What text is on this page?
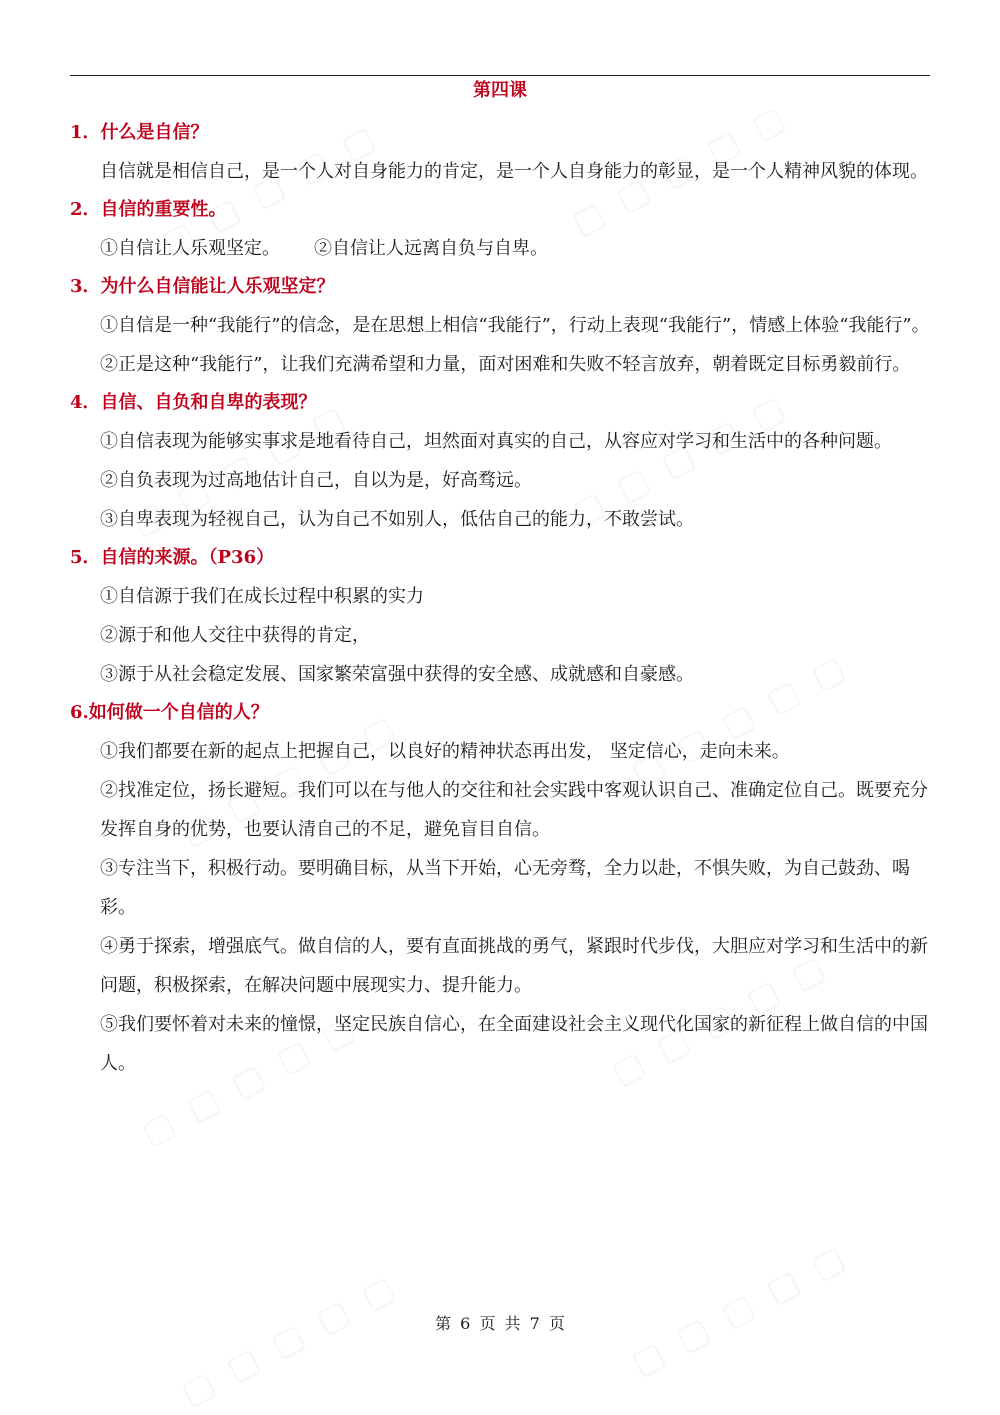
第四课
1．什么是自信？

自信就是相信自己，是一个人对自身能力的肯定，是一个人自身能力的彰显，是一个人精神风貌的体现。

2．自信的重要性。
①自信让人乐观坚定。 ②自信让人远离自负与自卑。
3．为什么自信能让人乐观坚定？

①自信是一种“我能行”的信念，是在思想上相信“我能行”，行动上表现“我能行”，情感上体验“我能行”。

②正是这种“我能行”，让我们充满希望和力量，面对困难和失败不轻言放弃，朝着既定目标勇毅前行。

4．自信、自负和自卑的表现？

①自信表现为能够实事求是地看待自己，坦然面对真实的自己，从容应对学习和生活中的各种问题。

②自负表现为过高地估计自己，自以为是，好高骛远。

③自卑表现为轻视自己，认为自己不如别人，低估自己的能力，不敢尝试。

5．自信的来源。（P36）

①自信源于我们在成长过程中积累的实力

②源于和他人交往中获得的肯定，

③源于从社会稳定发展、国家繁荣富强中获得的安全感、成就感和自豪感。

6.如何做一个自信的人？

①我们都要在新的起点上把握自己，以良好的精神状态再出发， 坚定信心，走向未来。

②找准定位，扬长避短。我们可以在与他人的交往和社会实践中客观认识自己、准确定位自己。既要充分发挥自身的优势，也要认清自己的不足，避免盲目自信。

③专注当下，积极行动。要明确目标，从当下开始，心无旁骛，全力以赴，不惧失败，为自己鼓劲、喝彩。

④勇于探索，增强底气。做自信的人，要有直面挑战的勇气，紧跟时代步伐，大胆应对学习和生活中的新问题，积极探索，在解决问题中展现实力、提升能力。

⑤我们要怀着对未来的憧憬，坚定民族自信心，在全面建设社会主义现代化国家的新征程上做自信的中国人。

第 6 页 共 7 页
